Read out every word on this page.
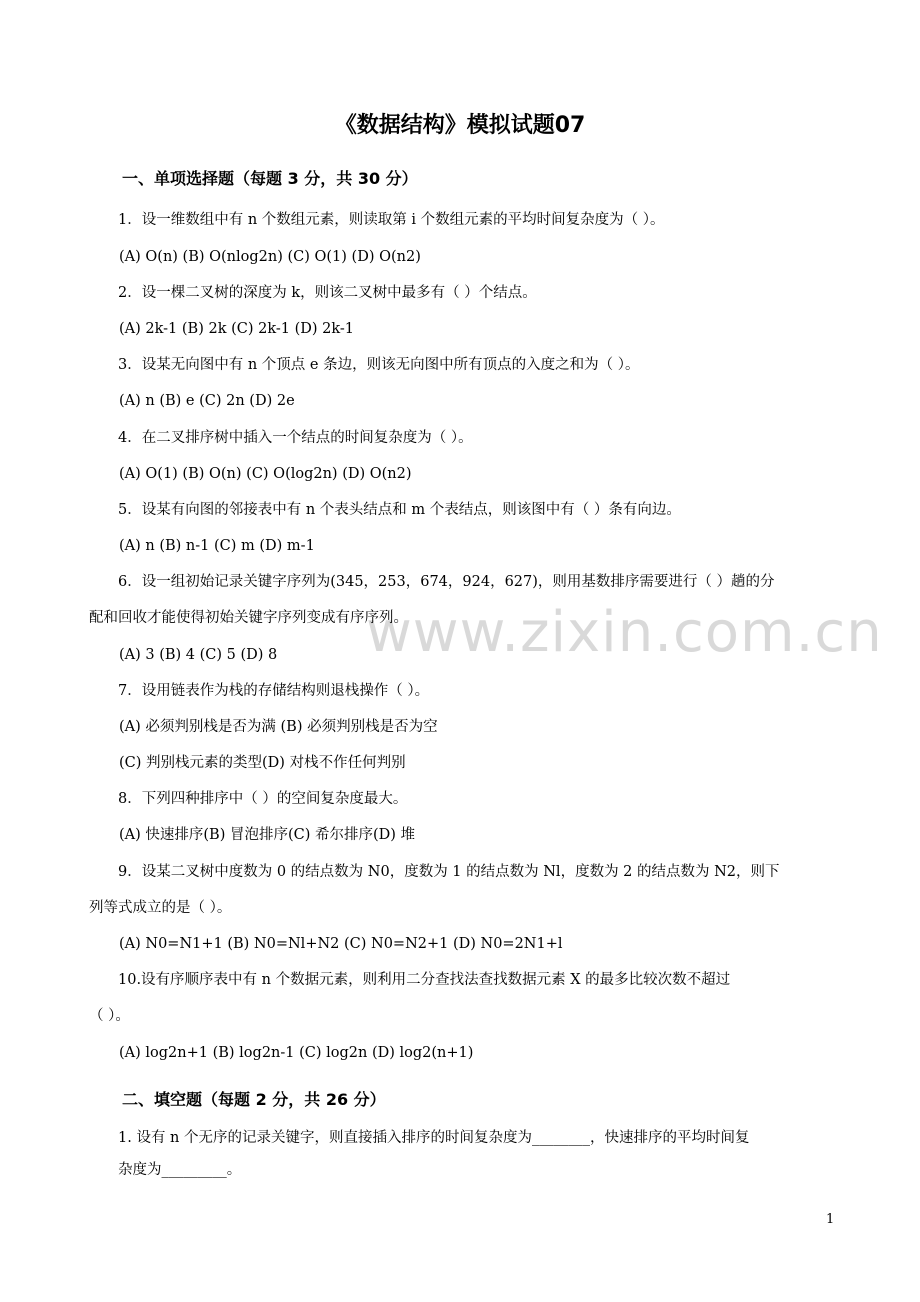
www.zixin.com.cn
《数据结构》模拟试题07
一、单项选择题（每题 3 分，共 30 分）
1．设一维数组中有 n 个数组元素，则读取第 i 个数组元素的平均时间复杂度为（ ）。
(A) O(n) (B) O(nlog2n) (C) O(1) (D) O(n2)
2．设一棵二叉树的深度为 k，则该二叉树中最多有（ ）个结点。
(A) 2k-1 (B) 2k (C) 2k-1 (D) 2k-1
3．设某无向图中有 n 个顶点 e 条边，则该无向图中所有顶点的入度之和为（ ）。
(A) n (B) e (C) 2n (D) 2e
4．在二叉排序树中插入一个结点的时间复杂度为（ ）。
(A) O(1) (B) O(n) (C) O(log2n) (D) O(n2)
5．设某有向图的邻接表中有 n 个表头结点和 m 个表结点，则该图中有（ ）条有向边。
(A) n (B) n-1 (C) m (D) m-1
6．设一组初始记录关键字序列为(345，253，674，924，627)，则用基数排序需要进行（ ）趟的分
配和回收才能使得初始关键字序列变成有序序列。
(A) 3 (B) 4 (C) 5 (D) 8
7．设用链表作为栈的存储结构则退栈操作（ ）。
(A) 必须判别栈是否为满 (B) 必须判别栈是否为空
(C) 判别栈元素的类型(D) 对栈不作任何判别
8．下列四种排序中（ ）的空间复杂度最大。
(A) 快速排序(B) 冒泡排序(C) 希尔排序(D) 堆
9．设某二叉树中度数为 0 的结点数为 N0，度数为 1 的结点数为 Nl，度数为 2 的结点数为 N2，则下
列等式成立的是（ ）。
(A) N0=N1+1 (B) N0=Nl+N2 (C) N0=N2+1 (D) N0=2N1+l
10.设有序顺序表中有 n 个数据元素，则利用二分查找法查找数据元素 X 的最多比较次数不超过
（ ）。
(A) log2n+1 (B) log2n-1 (C) log2n (D) log2(n+1)
二、填空题（每题 2 分，共 26 分）
1. 设有 n 个无序的记录关键字，则直接插入排序的时间复杂度为________，快速排序的平均时间复
杂度为_________。
1
